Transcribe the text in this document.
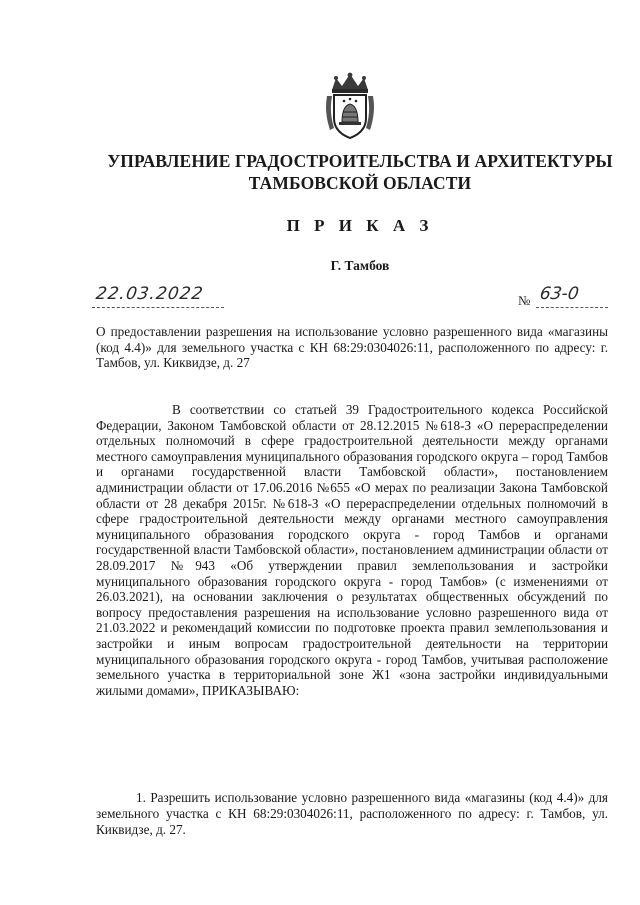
УПРАВЛЕНИЕ ГРАДОСТРОИТЕЛЬСТВА И АРХИТЕКТУРЫ
ТАМБОВСКОЙ ОБЛАСТИ
П Р И К А З
Г. Тамбов
22.03.2022	№ 63-0
О предоставлении разрешения на использование условно разрешенного вида «магазины (код 4.4)» для земельного участка с КН 68:29:0304026:11, расположенного по адресу: г. Тамбов, ул. Киквидзе, д. 27
В соответствии со статьей 39 Градостроительного кодекса Российской Федерации, Законом Тамбовской области от 28.12.2015 №618-З «О перераспределении отдельных полномочий в сфере градостроительной деятельности между органами местного самоуправления муниципального образования городского округа – город Тамбов и органами государственной власти Тамбовской области», постановлением администрации области от 17.06.2016 №655 «О мерах по реализации Закона Тамбовской области от 28 декабря 2015г. №618-З «О перераспределении отдельных полномочий в сфере градостроительной деятельности между органами местного самоуправления муниципального образования городского округа - город Тамбов и органами государственной власти Тамбовской области», постановлением администрации области от 28.09.2017 №943 «Об утверждении правил землепользования и застройки муниципального образования городского округа - город Тамбов» (с изменениями от 26.03.2021), на основании заключения о результатах общественных обсуждений по вопросу предоставления разрешения на использование условно разрешенного вида от 21.03.2022 и рекомендаций комиссии по подготовке проекта правил землепользования и застройки и иным вопросам градостроительной деятельности на территории муниципального образования городского округа - город Тамбов, учитывая расположение земельного участка в территориальной зоне Ж1 «зона застройки индивидуальными жилыми домами», ПРИКАЗЫВАЮ:
1. Разрешить использование условно разрешенного вида «магазины (код 4.4)» для земельного участка с КН 68:29:0304026:11, расположенного по адресу: г. Тамбов, ул. Киквидзе, д. 27.
